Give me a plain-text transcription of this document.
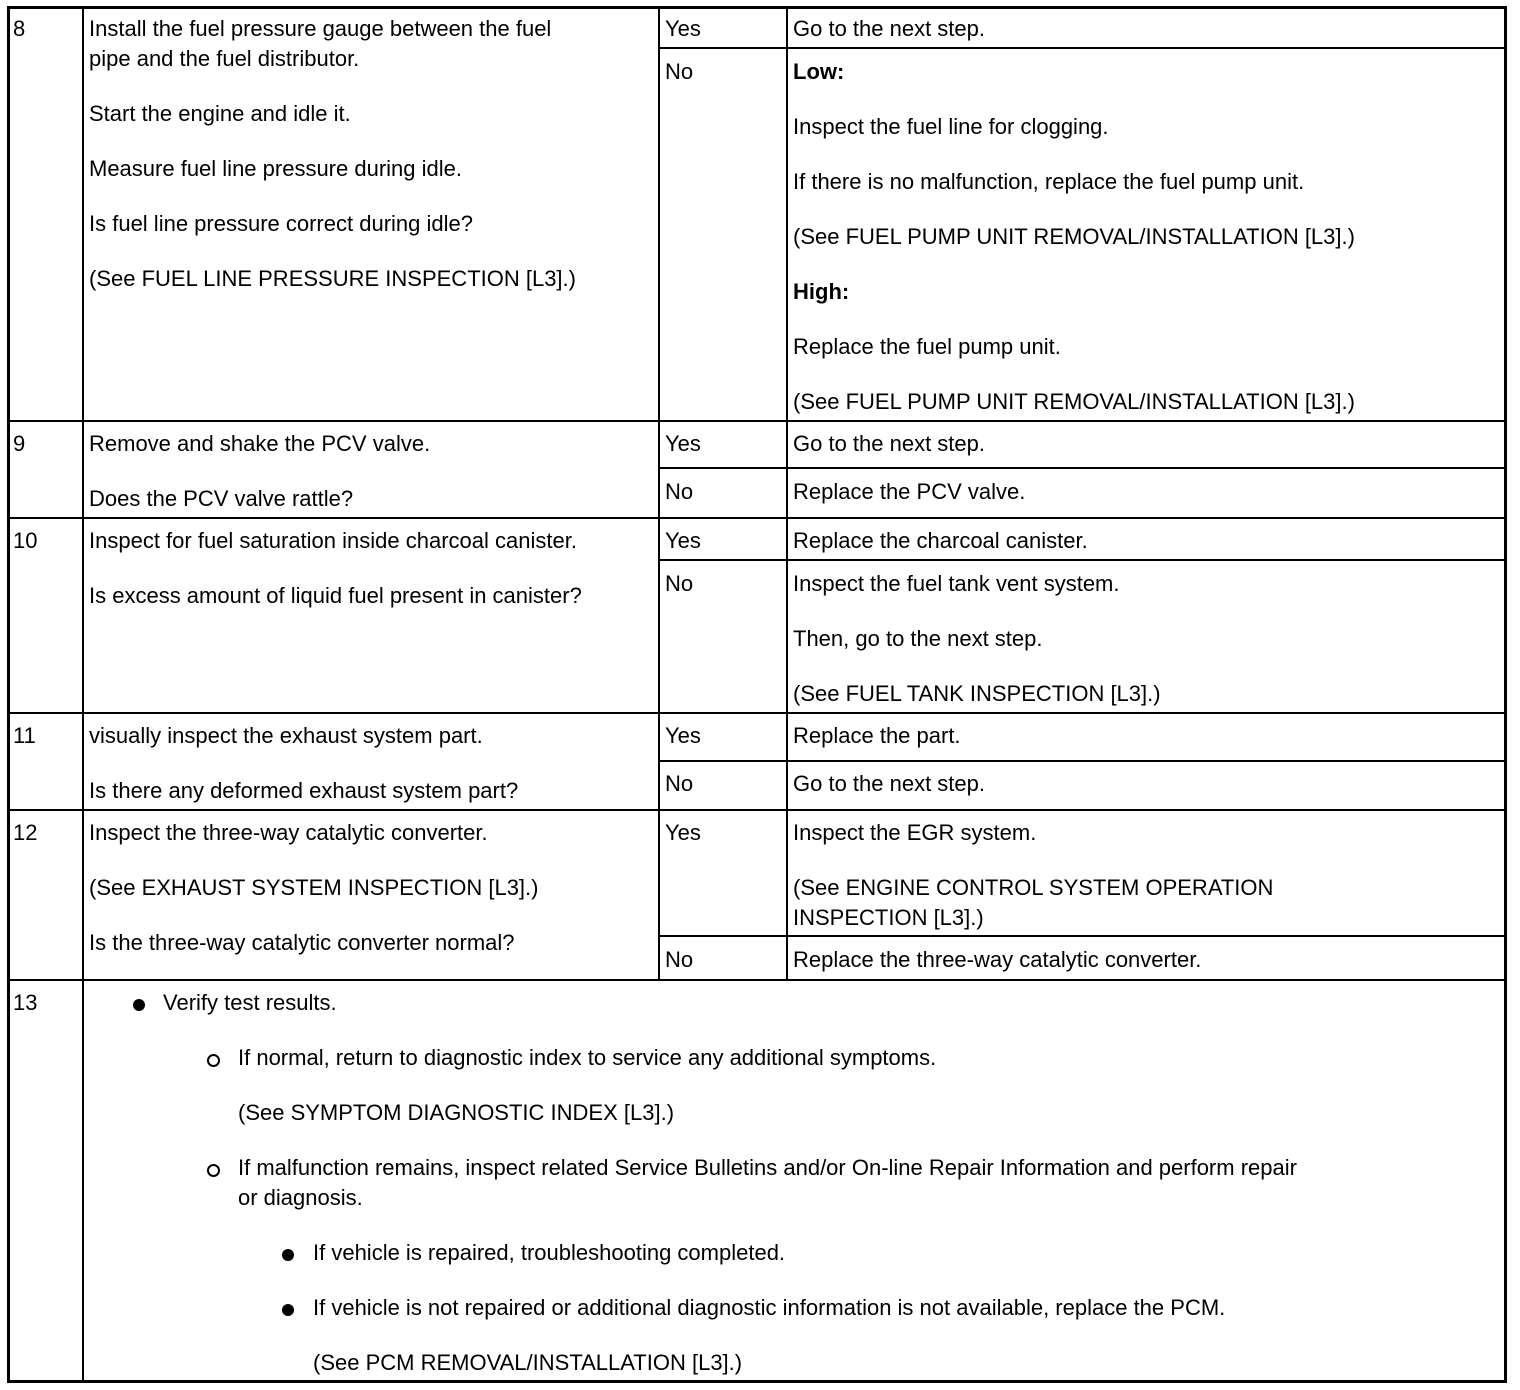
8	Install the fuel pressure gauge between the fuel
pipe and the fuel distributor.
Start the engine and idle it.
Measure fuel line pressure during idle.
Is fuel line pressure correct during idle?
(See FUEL LINE PRESSURE INSPECTION [L3].)
Yes	Go to the next step.
No	Low:
Inspect the fuel line for clogging.
If there is no malfunction, replace the fuel pump unit.
(See FUEL PUMP UNIT REMOVAL/INSTALLATION [L3].)
High:
Replace the fuel pump unit.
(See FUEL PUMP UNIT REMOVAL/INSTALLATION [L3].)
9	Remove and shake the PCV valve.
Does the PCV valve rattle?
Yes	Go to the next step.
No	Replace the PCV valve.
10 Inspect for fuel saturation inside charcoal canister.
Is excess amount of liquid fuel present in canister?
Yes	Replace the charcoal canister.
No	Inspect the fuel tank vent system.
Then, go to the next step.
(See FUEL TANK INSPECTION [L3].)
11 visually inspect the exhaust system part.
Is there any deformed exhaust system part?
Yes	Replace the part.
No	Go to the next step.
12 Inspect the three-way catalytic converter.
(See EXHAUST SYSTEM INSPECTION [L3].)
Is the three-way catalytic converter normal?
Yes	Inspect the EGR system.
(See ENGINE CONTROL SYSTEM OPERATION
INSPECTION [L3].)
No	Replace the three-way catalytic converter.
13	Verify test results.
If normal, return to diagnostic index to service any additional symptoms.
(See SYMPTOM DIAGNOSTIC INDEX [L3].)
If malfunction remains, inspect related Service Bulletins and/or On-line Repair Information and perform repair
or diagnosis.
If vehicle is repaired, troubleshooting completed.
If vehicle is not repaired or additional diagnostic information is not available, replace the PCM.
(See PCM REMOVAL/INSTALLATION [L3].)
